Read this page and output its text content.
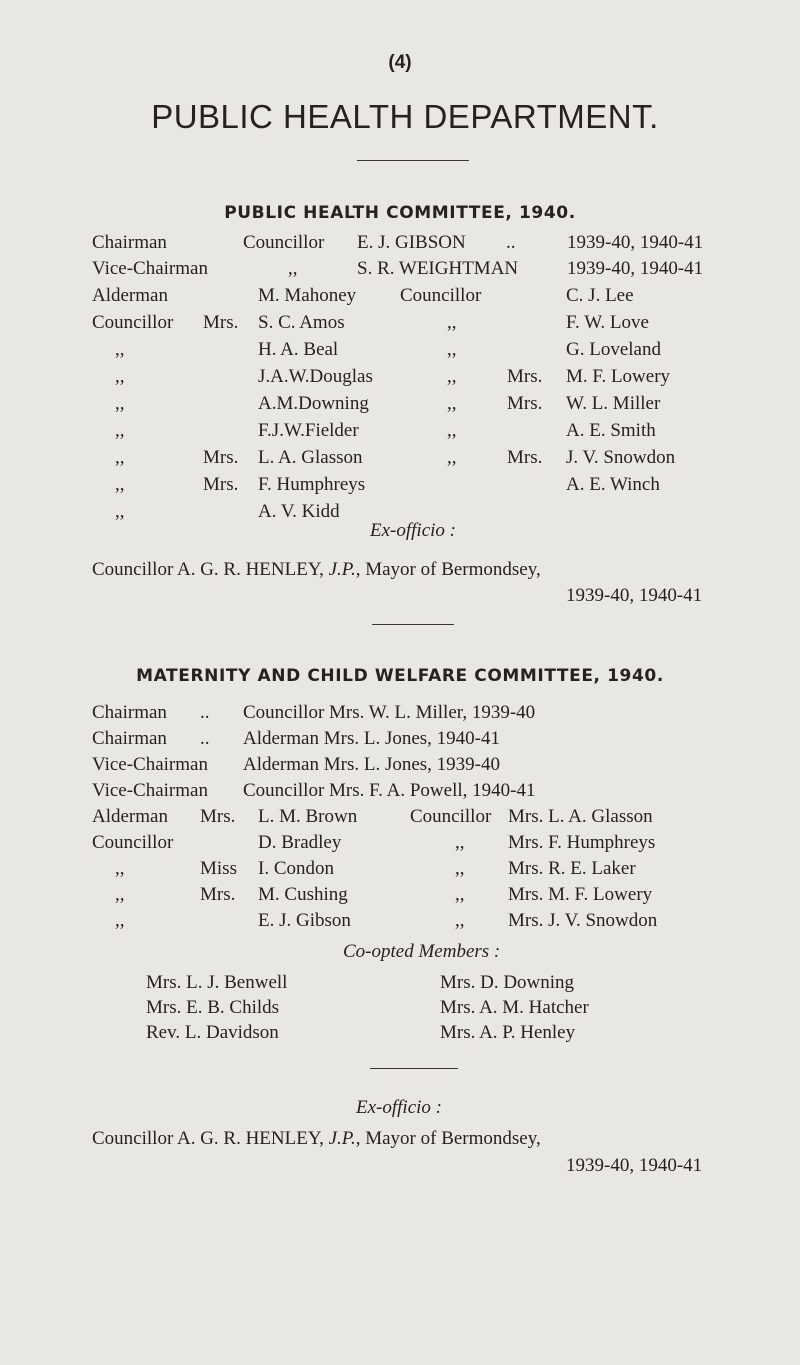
(4)
PUBLIC HEALTH DEPARTMENT.
PUBLIC HEALTH COMMITTEE, 1940.
Chairman	Councillor E. J. GIBSON ..	1939-40, 1940-41
Vice-Chairman	,,	S. R. WEIGHTMAN	1939-40, 1940-41
Alderman	M. Mahoney Councillor	C. J. Lee
Councillor Mrs. S. C. Amos	,,	F. W. Love
,,	H. A. Beal	,,	G. Loveland
,,	J.A.W.Douglas	,,	Mrs. M. F. Lowery
,,	A.M.Downing	,,	Mrs. W. L. Miller
,,	F.J.W.Fielder	,,	A. E. Smith
,,	Mrs. L. A. Glasson	,,	Mrs. J. V. Snowdon
,,	Mrs. F. Humphreys	A. E. Winch
,,	A. V. Kidd
Ex-officio :
Councillor A. G. R. HENLEY, J.P., Mayor of Bermondsey,
1939-40, 1940-41
MATERNITY AND CHILD WELFARE COMMITTEE, 1940.
Chairman .. Councillor Mrs. W. L. Miller, 1939-40
Chairman .. Alderman Mrs. L. Jones, 1940-41
Vice-Chairman Alderman Mrs. L. Jones, 1939-40
Vice-Chairman Councillor Mrs. F. A. Powell, 1940-41
Alderman Mrs. L. M. Brown	Councillor Mrs. L. A. Glasson
Councillor	D. Bradley	,, Mrs. F. Humphreys
,,	Miss I. Condon	,, Mrs. R. E. Laker
,,	Mrs. M. Cushing	,, Mrs. M. F. Lowery
,,	E. J. Gibson	,, Mrs. J. V. Snowdon
Co-opted Members :
Mrs. L. J. Benwell	Mrs. D. Downing
Mrs. E. B. Childs	Mrs. A. M. Hatcher
Rev. L. Davidson	Mrs. A. P. Henley
Ex-officio :
Councillor A. G. R. HENLEY, J.P., Mayor of Bermondsey,
1939-40, 1940-41
